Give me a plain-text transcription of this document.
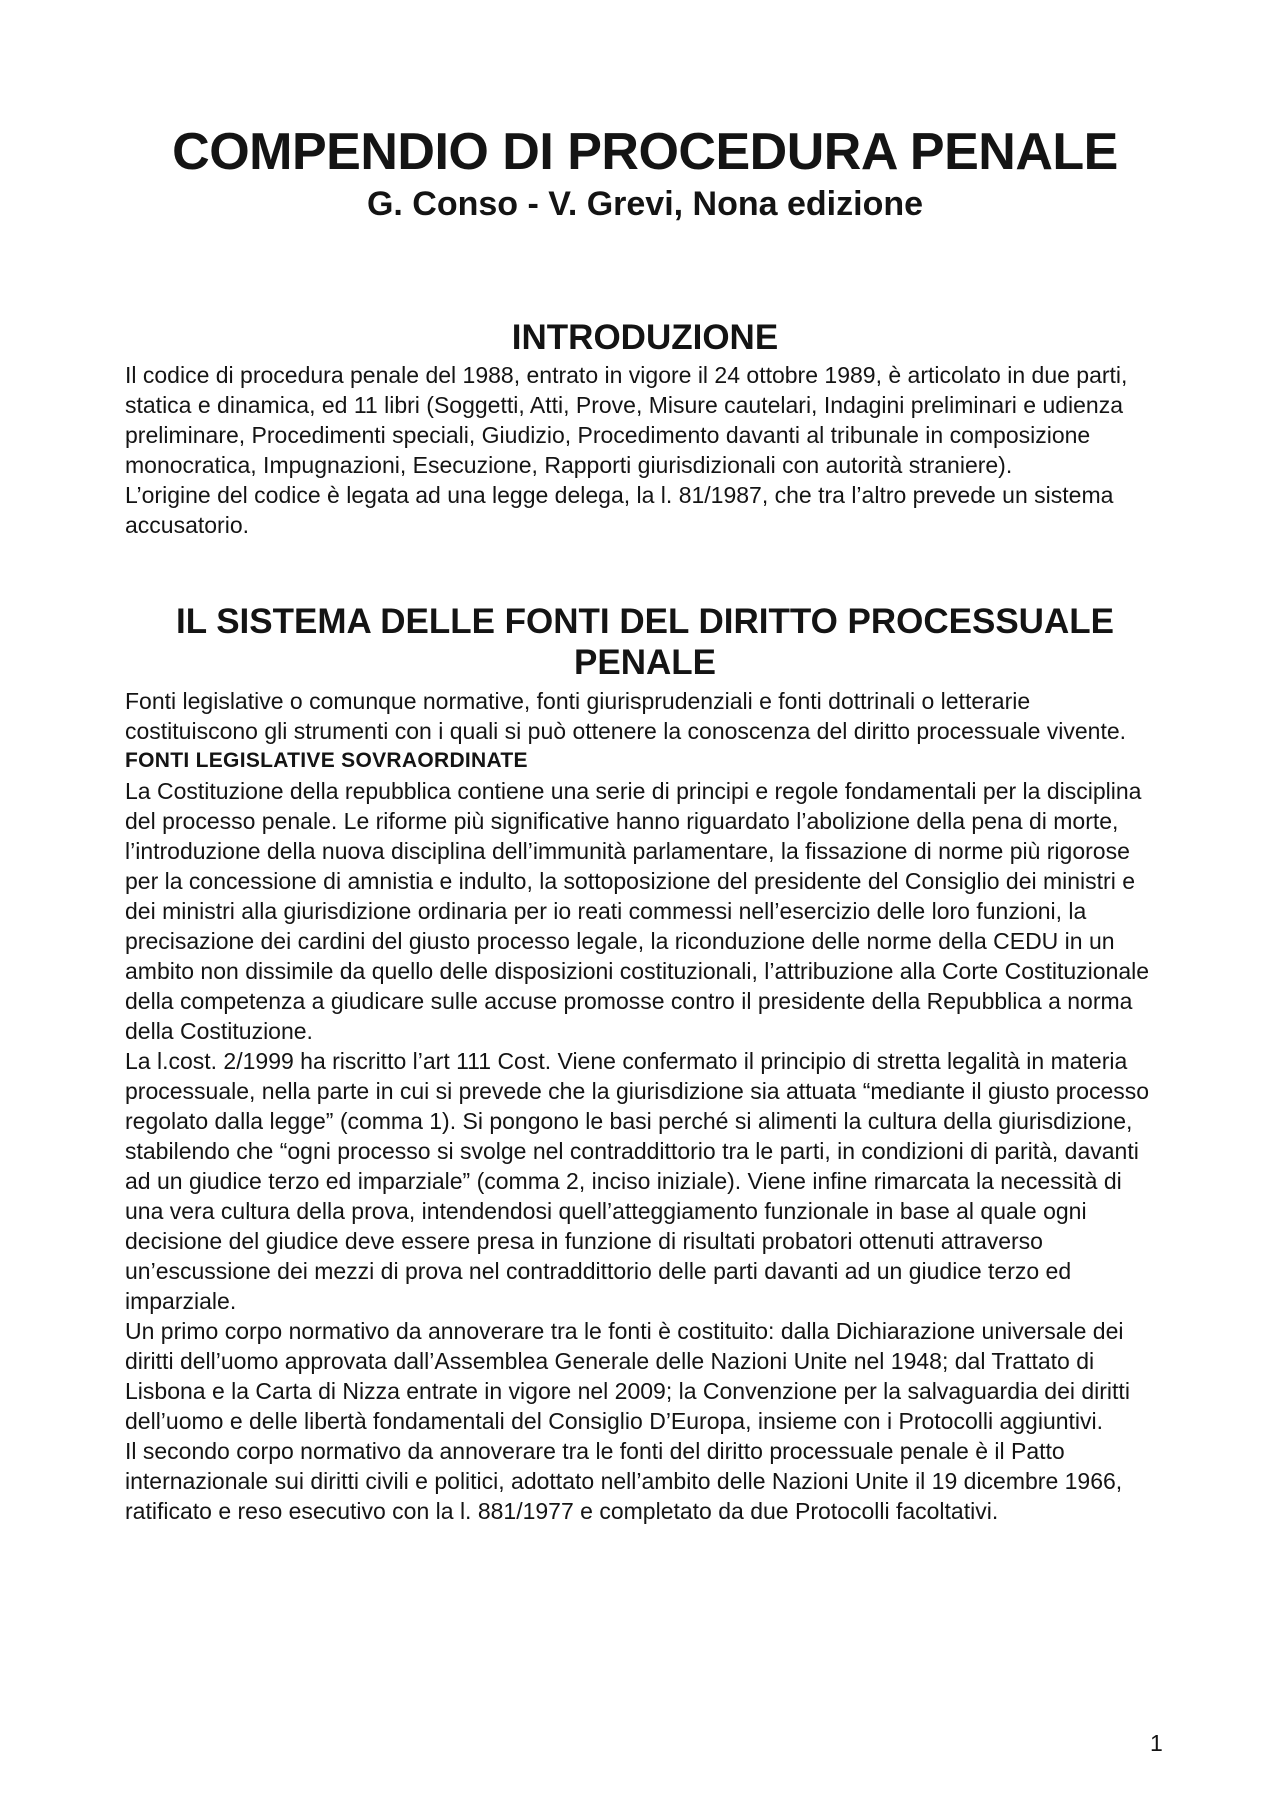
COMPENDIO DI PROCEDURA PENALE
G. Conso - V. Grevi, Nona edizione
INTRODUZIONE

Il codice di procedura penale del 1988, entrato in vigore il 24 ottobre 1989, è articolato in due parti, statica e dinamica, ed 11 libri (Soggetti, Atti, Prove, Misure cautelari, Indagini preliminari e udienza preliminare, Procedimenti speciali, Giudizio, Procedimento davanti al tribunale in composizione monocratica, Impugnazioni, Esecuzione, Rapporti giurisdizionali con autorità straniere).

L’origine del codice è legata ad una legge delega, la l. 81/1987, che tra l’altro prevede un sistema accusatorio.

IL SISTEMA DELLE FONTI DEL DIRITTO PROCESSUALE PENALE

Fonti legislative o comunque normative, fonti giurisprudenziali e fonti dottrinali o letterarie costituiscono gli strumenti con i quali si può ottenere la conoscenza del diritto processuale vivente.

FONTI LEGISLATIVE SOVRAORDINATE

La Costituzione della repubblica contiene una serie di principi e regole fondamentali per la disciplina del processo penale. Le riforme più significative hanno riguardato l’abolizione della pena di morte, l’introduzione della nuova disciplina dell’immunità parlamentare, la fissazione di norme più rigorose per la concessione di amnistia e indulto, la sottoposizione del presidente del Consiglio dei ministri e dei ministri alla giurisdizione ordinaria per io reati commessi nell’esercizio delle loro funzioni, la precisazione dei cardini del giusto processo legale, la riconduzione delle norme della CEDU in un ambito non dissimile da quello delle disposizioni costituzionali, l’attribuzione alla Corte Costituzionale della competenza a giudicare sulle accuse promosse contro il presidente della Repubblica a norma della Costituzione.

La l.cost. 2/1999 ha riscritto l’art 111 Cost. Viene confermato il principio di stretta legalità in materia processuale, nella parte in cui si prevede che la giurisdizione sia attuata “mediante il giusto processo regolato dalla legge” (comma 1). Si pongono le basi perché si alimenti la cultura della giurisdizione, stabilendo che “ogni processo si svolge nel contraddittorio tra le parti, in condizioni di parità, davanti ad un giudice terzo ed imparziale” (comma 2, inciso iniziale). Viene infine rimarcata la necessità di una vera cultura della prova, intendendosi quell’atteggiamento funzionale in base al quale ogni decisione del giudice deve essere presa in funzione di risultati probatori ottenuti attraverso un’escussione dei mezzi di prova nel contraddittorio delle parti davanti ad un giudice terzo ed imparziale.

Un primo corpo normativo da annoverare tra le fonti è costituito: dalla Dichiarazione universale dei diritti dell’uomo approvata dall’Assemblea Generale delle Nazioni Unite nel 1948; dal Trattato di Lisbona e la Carta di Nizza entrate in vigore nel 2009; la Convenzione per la salvaguardia dei diritti dell’uomo e delle libertà fondamentali del Consiglio D’Europa, insieme con i Protocolli aggiuntivi.

Il secondo corpo normativo da annoverare tra le fonti del diritto processuale penale è il Patto internazionale sui diritti civili e politici, adottato nell’ambito delle Nazioni Unite il 19 dicembre 1966, ratificato e reso esecutivo con la l. 881/1977 e completato da due Protocolli facoltativi.

1
